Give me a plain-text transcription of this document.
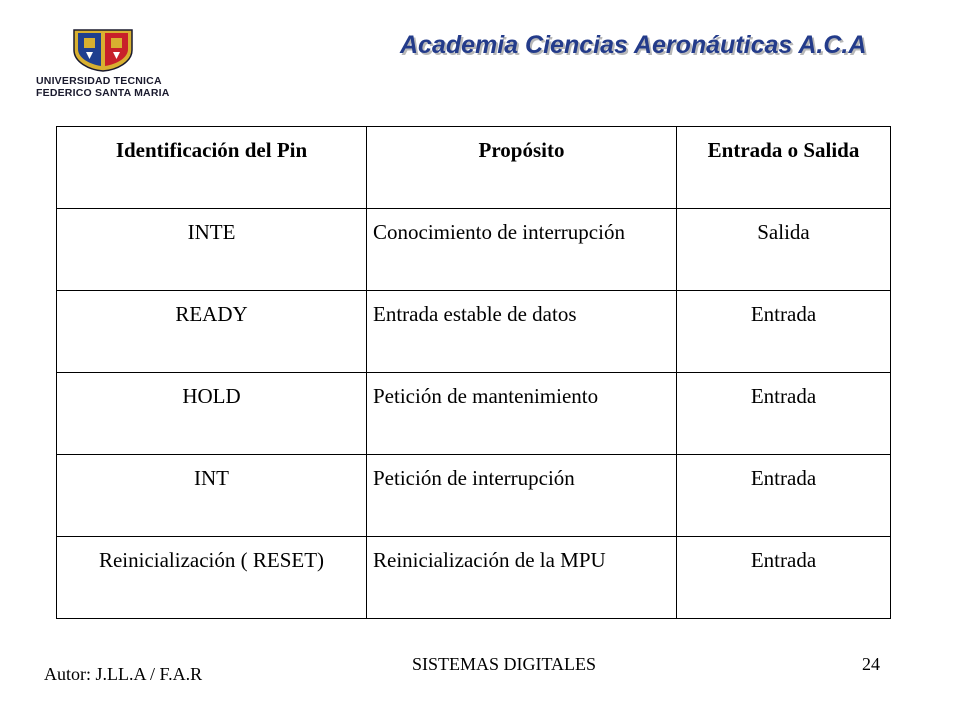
UNIVERSIDAD TECNICA
FEDERICO SANTA MARIA
Academia Ciencias Aeronáuticas A.C.A
Identificación del Pin	Propósito	Entrada o Salida
INTE	Conocimiento de interrupción	Salida
READY	Entrada estable de datos	Entrada
HOLD	Petición de mantenimiento	Entrada
INT	Petición de interrupción	Entrada
Reinicialización ( RESET)	Reinicialización de la MPU	Entrada
Autor: J.LL.A / F.A.R	SISTEMAS DIGITALES	24
